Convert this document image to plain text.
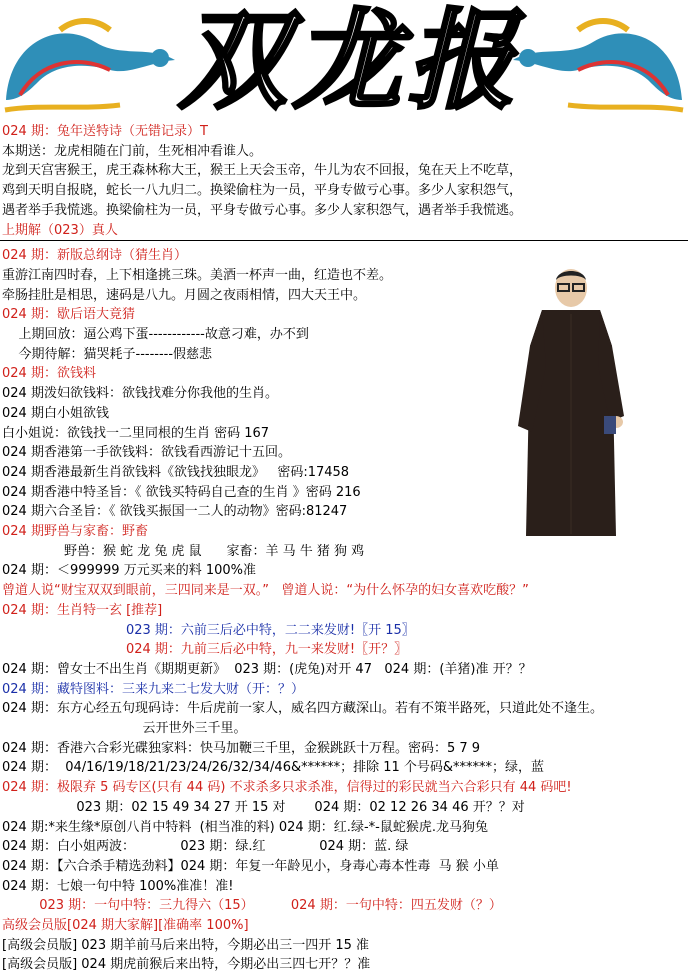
双龙报
024 期：兔年送特诗（无错记录）T
本期送：龙虎相随在门前，生死相冲看谁人。
龙到天宫害猴王，虎王森林称大王，猴王上天会玉帝，牛儿为农不回报，兔在天上不吃草，
鸡到天明自报晓，蛇长一八九归二。换梁偷柱为一员，平身专做亏心事。多少人家积怨气，
遇者举手我慌逃。换梁偷柱为一员，平身专做亏心事。多少人家积怨气，遇者举手我慌逃。
上期解（023）真人
024 期：新版总纲诗（猜生肖）
重游江南四时春，上下相逢挑三珠。美酒一杯声一曲，红造也不差。
牵肠挂肚是相思，速码是八九。月圆之夜雨相情，四大天王中。
024 期：歇后语大竟猜
上期回放：逼公鸡下蛋------------故意刁难，办不到
今期待解：猫哭耗子--------假慈悲
024 期：欲钱料
024 期泼妇欲钱料：欲钱找难分你我他的生肖。
024 期白小姐欲钱
白小姐说：欲钱找一二里同根的生肖 密码 167
024 期香港第一手欲钱料：欲钱看西游记十五回。
024 期香港最新生肖欲钱料《欲钱找独眼龙》   密码:17458
024 期香港中特圣旨：《 欲钱买特码自己查的生肖 》密码 216
024 期六合圣旨：《 欲钱买振国一二人的动物》密码:81247
024 期野兽与家畜：野畜
野兽：猴 蛇 龙 兔 虎 鼠      家畜：羊 马 牛 猪 狗 鸡
024 期：＜999999 万元买来的料 100%准
曾道人说“财宝双双到眼前，三四同来是一双。”   曾道人说：“为什么怀孕的妇女喜欢吃酸？”
024 期：生肖特一玄 [推荐]
023 期：六前三后必中特，二二来发财!〖开 15〗
024 期：九前三后必中特，九一来发财!〖开？〗
024 期：曾女士不出生肖《期期更新》  023 期：(虎兔)对开 47   024 期：(羊猪)准 开？？
024 期：藏特图料：三来九来二七发大财（开：？）
024 期：东方心经五句现码诗：牛后虎前一家人，威名四方藏深山。若有不策半路死，只道此处不逢生。
云开世外三千里。
024 期：香港六合彩光碟独家料：快马加鞭三千里，金猴跳跃十万程。密码：5 7 9
024 期：  04/16/19/18/21/23/24/26/32/34/46&******；排除 11 个号码&******；绿，蓝
024 期：极限弃 5 码专区(只有 44 码) 不求杀多只求杀准，信得过的彩民就当六合彩只有 44 码吧!
023 期：02 15 49 34 27 开 15 对       024 期：02 12 26 34 46 开？？对
024 期:*来生缘*原创八肖中特料  (相当准的料) 024 期：红.绿-*-鼠蛇猴虎.龙马狗兔
024 期：白小姐两波：           023 期：绿.红             024 期：蓝. 绿
024 期：【六合杀手精选劲料】024 期：年复一年龄见小，身毒心毒本性毒  马 猴 小单
024 期：七娘一句中特 100%准准！准!
023 期：一句中特：三九得六（15）         024 期：一句中特：四五发财（？）
高级会员版[024 期大家解][准确率 100%]
[高级会员版] 023 期羊前马后来出特，今期必出三一四开 15 准
[高级会员版] 024 期虎前猴后来出特，今期必出三四七开？？准
